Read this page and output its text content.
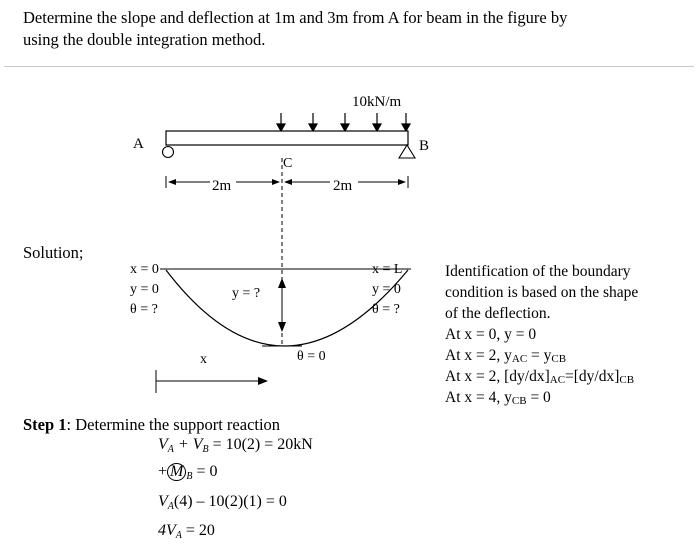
Determine the slope and deflection at 1m and 3m from A for beam in the figure by
using the double integration method.
10kN/m
A	B
C
2m	2m
Solution;
x = 0
y = 0
θ = ?
y = ?
θ = 0
x
x = L
y = 0
θ = ?
Identification of the boundary
condition is based on the shape
of the deflection.
At x = 0, y = 0
At x = 2, yAC = yCB
At x = 2, [dy/dx]AC=[dy/dx]CB
At x = 4, yCB = 0
Step 1: Determine the support reaction
$V_A + V_B = 10(2) = 20kN$
+ M $_B$ = 0
$V_A(4) - 10(2)(1) = 0$
$4V_A = 20$
